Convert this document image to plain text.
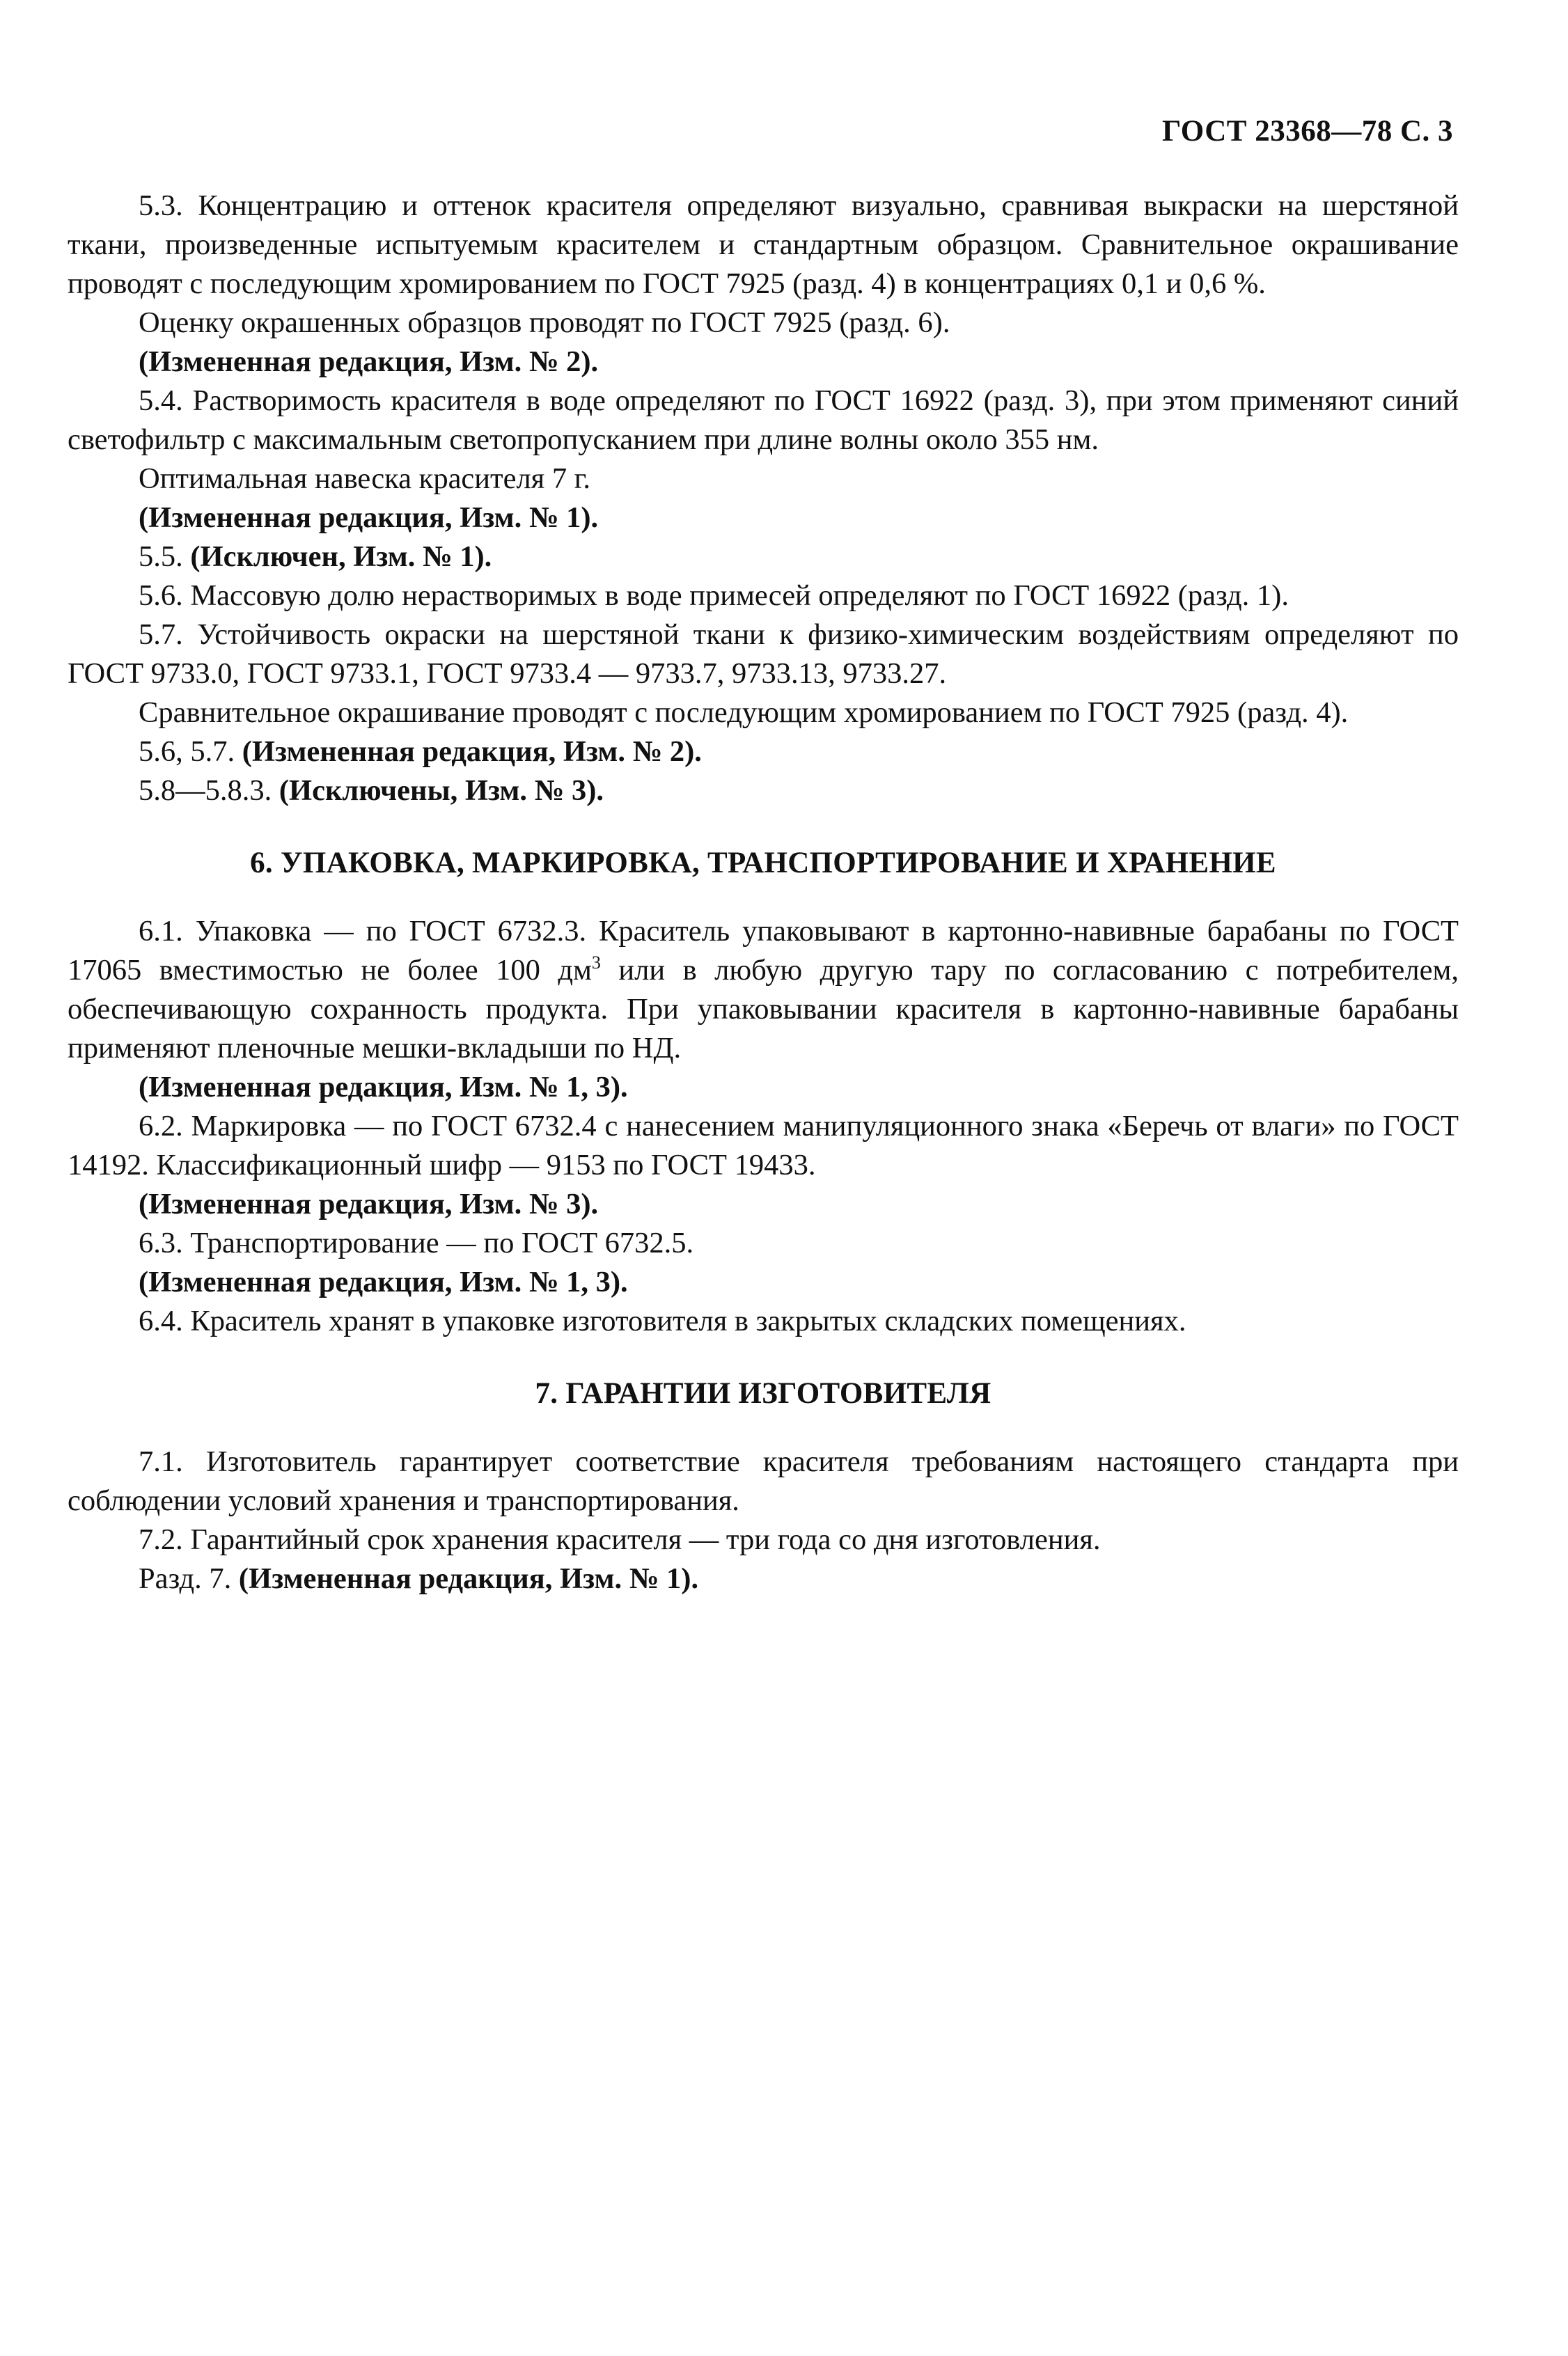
ГОСТ 23368—78 С. 3

5.3. Концентрацию и оттенок красителя определяют визуально, сравнивая выкраски на шерстяной ткани, произведенные испытуемым красителем и стандартным образцом. Сравнительное окрашивание проводят с последующим хромированием по ГОСТ 7925 (разд. 4) в концентрациях 0,1 и 0,6 %.

Оценку окрашенных образцов проводят по ГОСТ 7925 (разд. 6).

(Измененная редакция, Изм. № 2).

5.4. Растворимость красителя в воде определяют по ГОСТ 16922 (разд. 3), при этом применяют синий светофильтр с максимальным светопропусканием при длине волны около 355 нм.

Оптимальная навеска красителя 7 г.

(Измененная редакция, Изм. № 1).

5.5. (Исключен, Изм. № 1).

5.6. Массовую долю нерастворимых в воде примесей определяют по ГОСТ 16922 (разд. 1).

5.7. Устойчивость окраски на шерстяной ткани к физико-химическим воздействиям определяют по ГОСТ 9733.0, ГОСТ 9733.1, ГОСТ 9733.4 — 9733.7, 9733.13, 9733.27.

Сравнительное окрашивание проводят с последующим хромированием по ГОСТ 7925 (разд. 4).

5.6, 5.7. (Измененная редакция, Изм. № 2).

5.8—5.8.3. (Исключены, Изм. № 3).

6. УПАКОВКА, МАРКИРОВКА, ТРАНСПОРТИРОВАНИЕ И ХРАНЕНИЕ

6.1. Упаковка — по ГОСТ 6732.3. Краситель упаковывают в картонно-навивные барабаны по ГОСТ 17065 вместимостью не более 100 $дм^3$ или в любую другую тару по согласованию с потребителем, обеспечивающую сохранность продукта. При упаковывании красителя в картонно-навивные барабаны применяют пленочные мешки-вкладыши по НД.

(Измененная редакция, Изм. № 1, 3).

6.2. Маркировка — по ГОСТ 6732.4 с нанесением манипуляционного знака «Беречь от влаги» по ГОСТ 14192. Классификационный шифр — 9153 по ГОСТ 19433.

(Измененная редакция, Изм. № 3).

6.3. Транспортирование — по ГОСТ 6732.5.

(Измененная редакция, Изм. № 1, 3).

6.4. Краситель хранят в упаковке изготовителя в закрытых складских помещениях.

7. ГАРАНТИИ ИЗГОТОВИТЕЛЯ

7.1. Изготовитель гарантирует соответствие красителя требованиям настоящего стандарта при соблюдении условий хранения и транспортирования.

7.2. Гарантийный срок хранения красителя — три года со дня изготовления.

Разд. 7. (Измененная редакция, Изм. № 1).
